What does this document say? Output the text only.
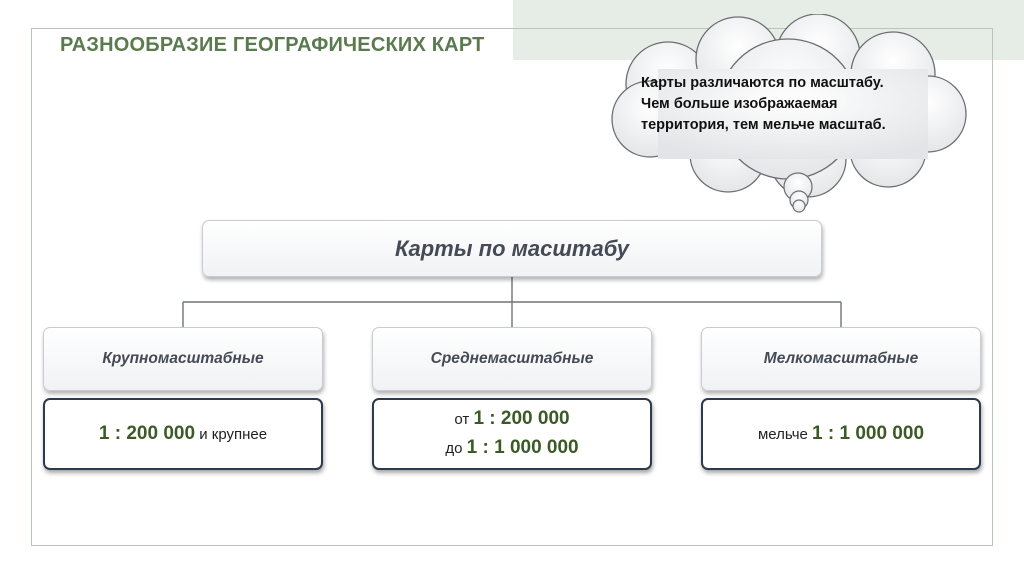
РАЗНООБРАЗИЕ ГЕОГРАФИЧЕСКИХ КАРТ
Карты различаются по масштабу.
Чем больше изображаемая
территория, тем мельче масштаб.
Карты по масштабу
Крупномасштабные	Среднемасштабные	Мелкомасштабные
1 : 200 000 и крупнее
от 1 : 200 000
до 1 : 1 000 000
мельче 1 : 1 000 000
